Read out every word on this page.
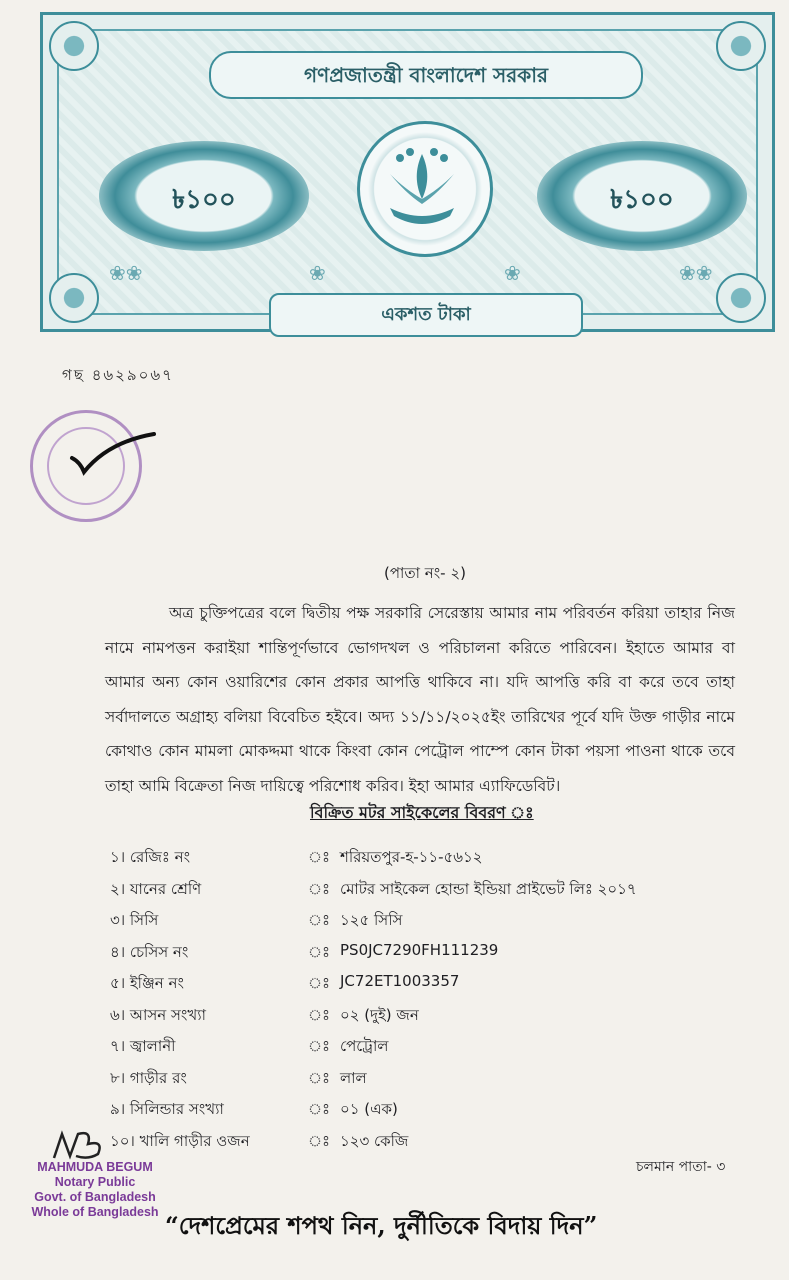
গণপ্রজাতন্ত্রী বাংলাদেশ সরকার
৳১০০	৳১০০
❀❀	❀	❀	❀❀
একশত টাকা
গছ ৪৬২৯০৬৭
(পাতা নং- ২)
অত্র চুক্তিপত্রের বলে দ্বিতীয় পক্ষ সরকারি সেরেস্তায় আমার নাম পরিবর্তন করিয়া তাহার নিজ নামে নামপত্তন করাইয়া শান্তিপূর্ণভাবে ভোগদখল ও পরিচালনা করিতে পারিবেন। ইহাতে আমার বা আমার অন্য কোন ওয়ারিশের কোন প্রকার আপত্তি থাকিবে না। যদি আপত্তি করি বা করে তবে তাহা সর্বাদালতে অগ্রাহ্য বলিয়া বিবেচিত হইবে। অদ্য ১১/১১/২০২৫ইং তারিখের পূর্বে যদি উক্ত গাড়ীর নামে কোথাও কোন মামলা মোকদ্দমা থাকে কিংবা কোন পেট্রোল পাম্পে কোন টাকা পয়সা পাওনা থাকে তবে তাহা আমি বিক্রেতা নিজ দায়িত্বে পরিশোধ করিব। ইহা আমার এ্যাফিডেবিট।
বিক্রিত মটর সাইকেলের বিবরণ ঃ
১। রেজিঃ নং	ঃ শরিয়তপুর-হ-১১-৫৬১২
২। যানের শ্রেণি	ঃ মোটর সাইকেল হোন্ডা ইন্ডিয়া প্রাইভেট লিঃ ২০১৭
৩। সিসি	ঃ ১২৫ সিসি
৪। চেসিস নং	ঃ PS0JC7290FH111239
৫। ইঞ্জিন নং	ঃ JC72ET1003357
৬। আসন সংখ্যা	ঃ ০২ (দুই) জন
৭। জ্বালানী	ঃ পেট্রোল
৮। গাড়ীর রং	ঃ লাল
৯। সিলিন্ডার সংখ্যা	ঃ ০১ (এক)
১০। খালি গাড়ীর ওজন	ঃ ১২৩ কেজি
চলমান পাতা- ৩
MAHMUDA BEGUM
Notary Public
Govt. of Bangladesh
Whole of Bangladesh “দেশপ্রেমের শপথ নিন, দুর্নীতিকে বিদায় দিন”
